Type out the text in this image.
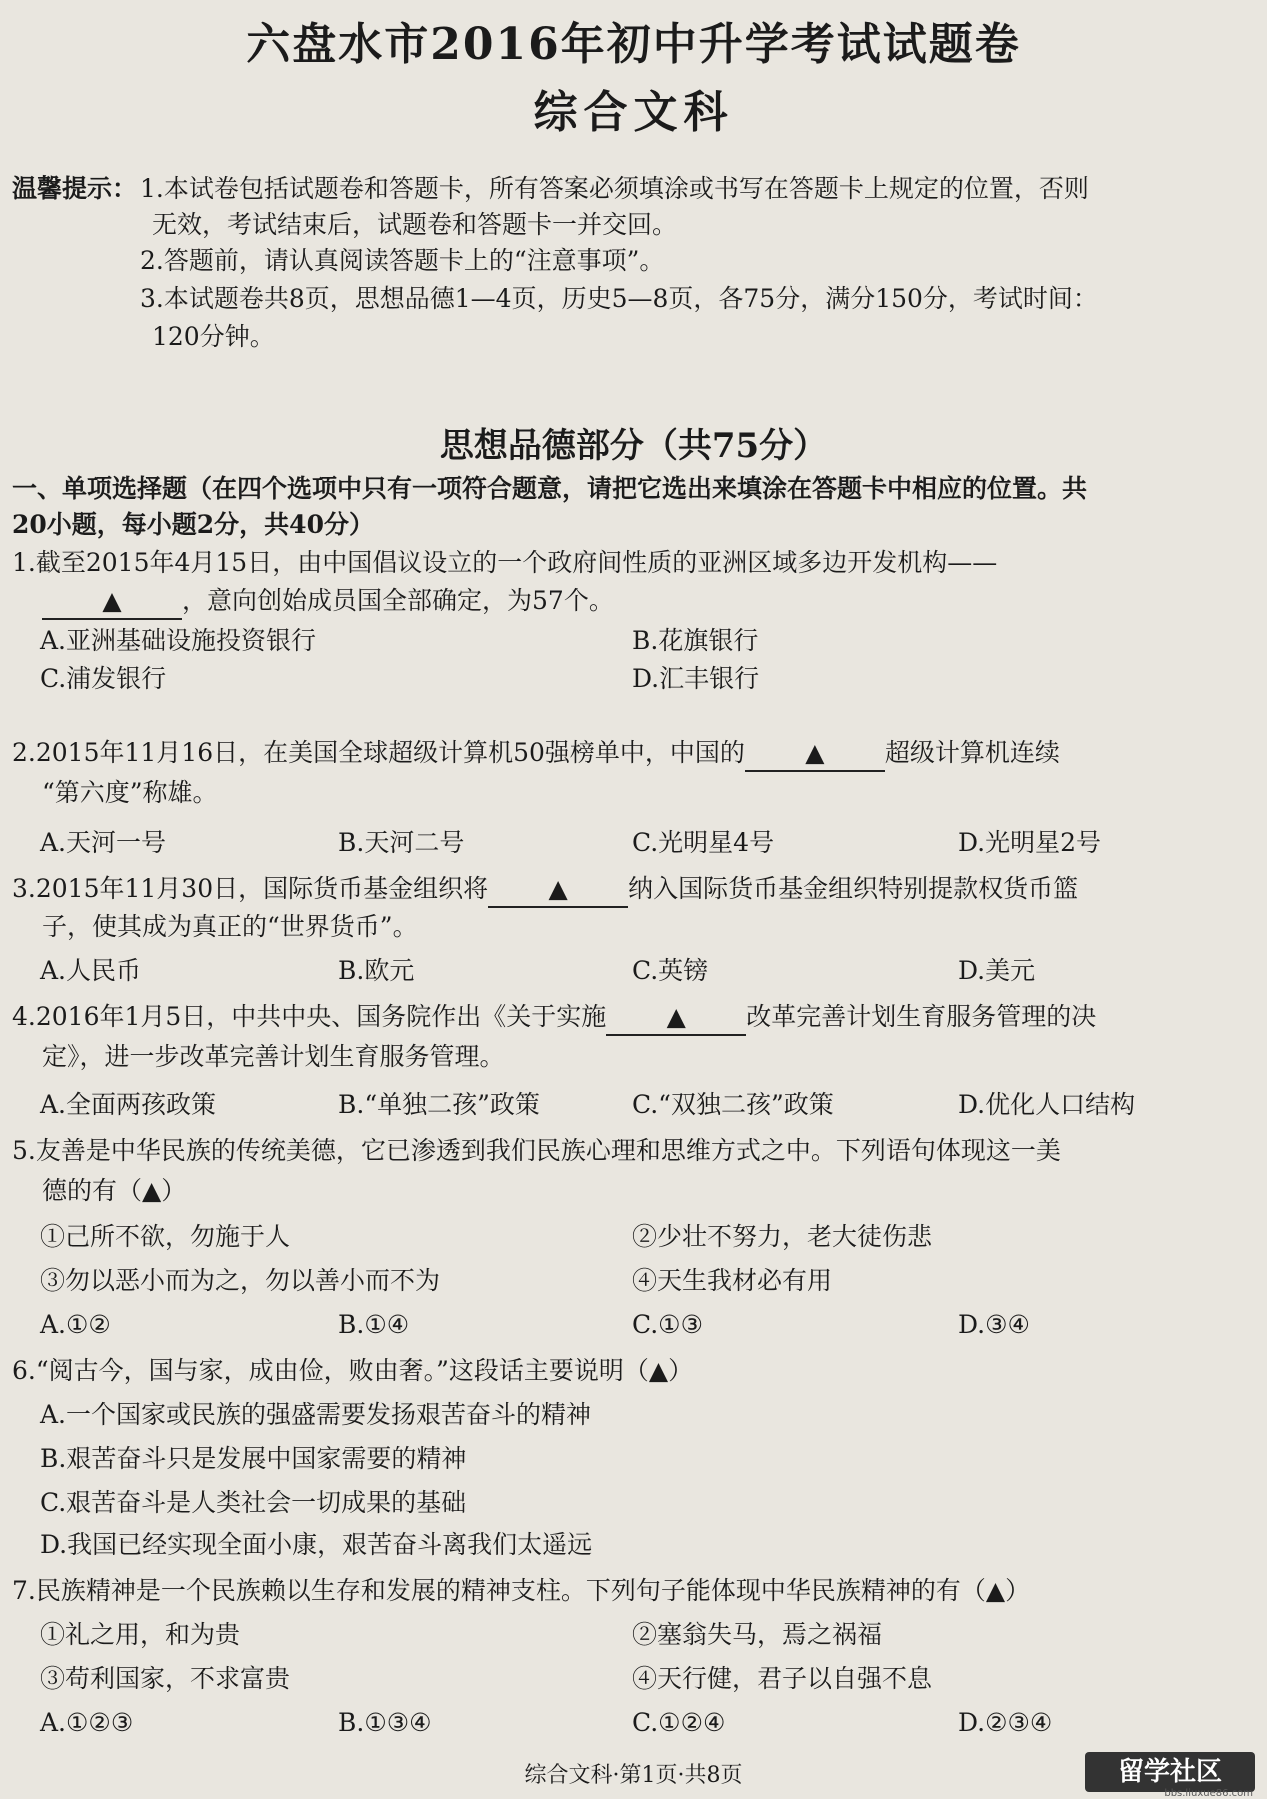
六盘水市2016年初中升学考试试题卷
综合文科
温馨提示： 1.本试卷包括试题卷和答题卡，所有答案必须填涂或书写在答题卡上规定的位置，否则
无效，考试结束后，试题卷和答题卡一并交回。
2.答题前，请认真阅读答题卡上的“注意事项”。
3.本试题卷共8页，思想品德1—4页，历史5—8页，各75分，满分150分，考试时间：
120分钟。
思想品德部分（共75分）
一、单项选择题（在四个选项中只有一项符合题意，请把它选出来填涂在答题卡中相应的位置。共
20小题，每小题2分，共40分）
1.截至2015年4月15日，由中国倡议设立的一个政府间性质的亚洲区域多边开发机构——
▲ ，意向创始成员国全部确定，为57个。
A.亚洲基础设施投资银行	B.花旗银行
C.浦发银行	D.汇丰银行
2.2015年11月16日，在美国全球超级计算机50强榜单中，中国的 ▲ 超级计算机连续
“第六度”称雄。
A.天河一号	B.天河二号	C.光明星4号	D.光明星2号
3.2015年11月30日，国际货币基金组织将 ▲ 纳入国际货币基金组织特别提款权货币篮
子，使其成为真正的“世界货币”。
A.人民币	B.欧元	C.英镑	D.美元
4.2016年1月5日，中共中央、国务院作出《关于实施 ▲ 改革完善计划生育服务管理的决
定》，进一步改革完善计划生育服务管理。
A.全面两孩政策	B.“单独二孩”政策	C.“双独二孩”政策	D.优化人口结构
5.友善是中华民族的传统美德，它已渗透到我们民族心理和思维方式之中。下列语句体现这一美
德的有（▲）
①己所不欲，勿施于人	②少壮不努力，老大徒伤悲
③勿以恶小而为之，勿以善小而不为	④天生我材必有用
A.①②	B.①④	C.①③	D.③④
6.“阅古今，国与家，成由俭，败由奢。”这段话主要说明（▲）
A.一个国家或民族的强盛需要发扬艰苦奋斗的精神
B.艰苦奋斗只是发展中国家需要的精神
C.艰苦奋斗是人类社会一切成果的基础
D.我国已经实现全面小康，艰苦奋斗离我们太遥远
7.民族精神是一个民族赖以生存和发展的精神支柱。下列句子能体现中华民族精神的有（▲）
①礼之用，和为贵	②塞翁失马，焉之祸福
③苟利国家，不求富贵	④天行健，君子以自强不息
A.①②③	B.①③④	C.①②④	D.②③④
综合文科·第1页·共8页	留学社区
bbs.liuxue86.com
